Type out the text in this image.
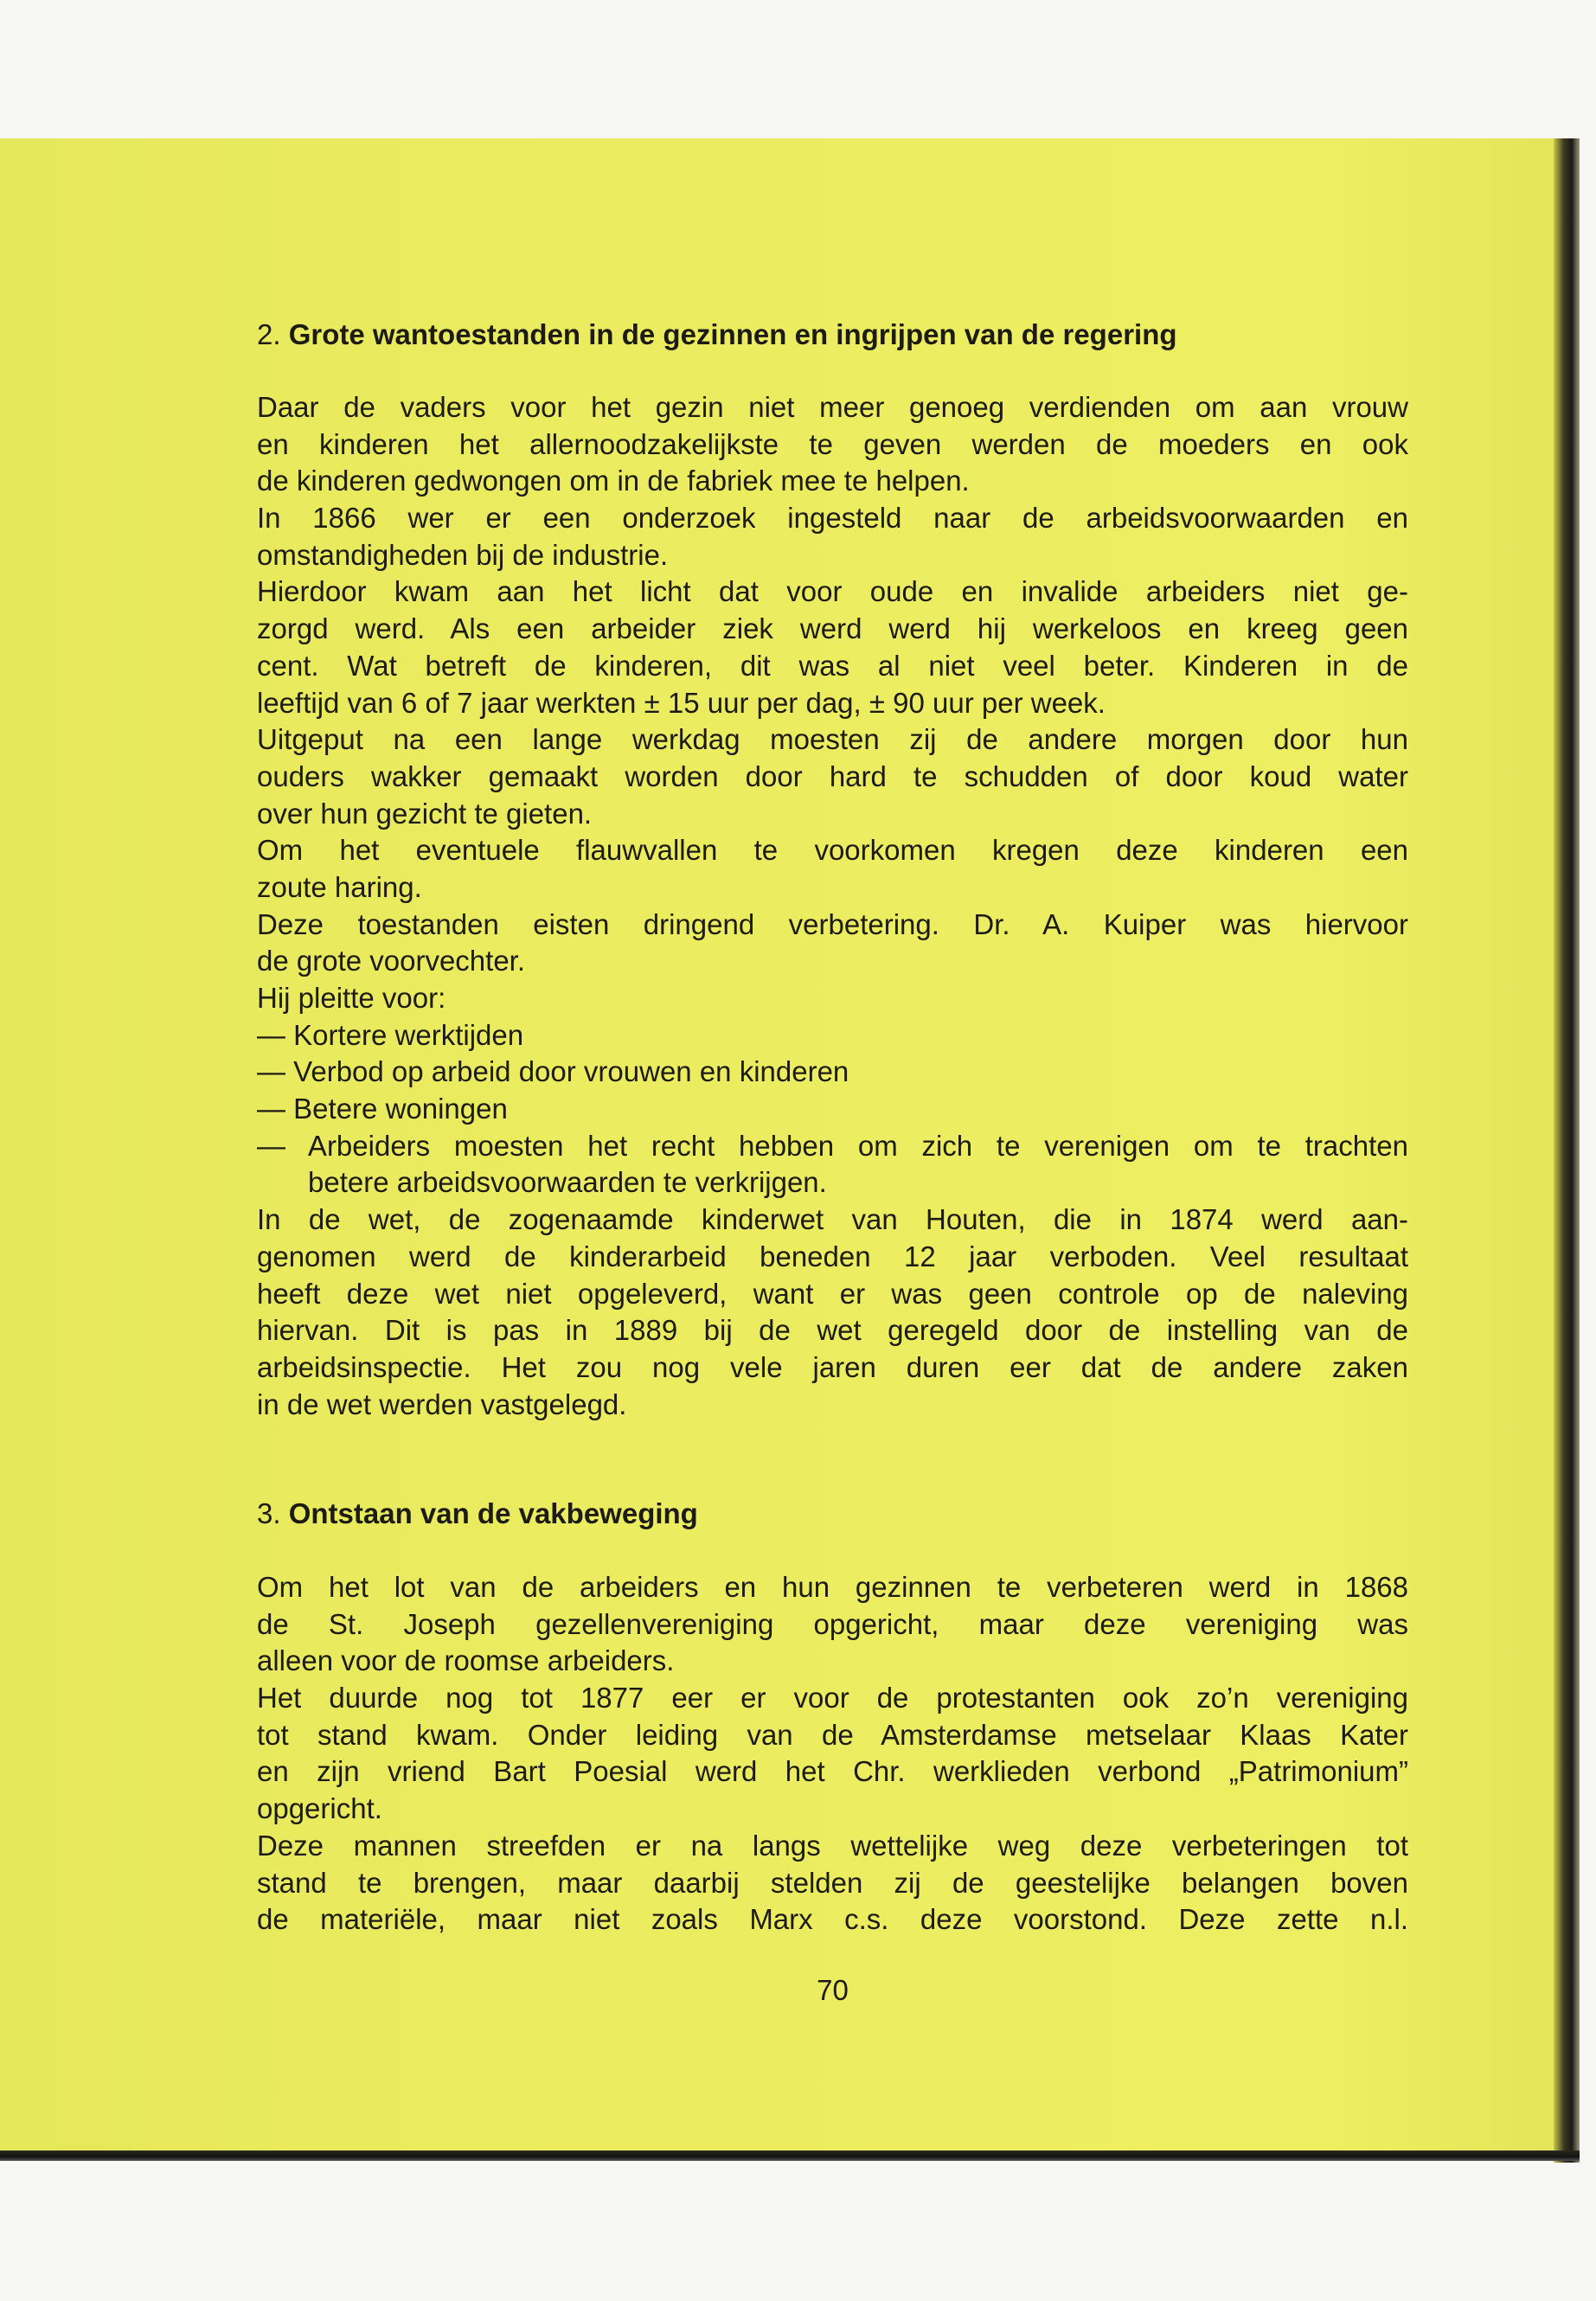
2. Grote wantoestanden in de gezinnen en ingrijpen van de regering
Daar de vaders voor het gezin niet meer genoeg verdienden om aan vrouw
en kinderen het allernoodzakelijkste te geven werden de moeders en ook
de kinderen gedwongen om in de fabriek mee te helpen.
In 1866 wer er een onderzoek ingesteld naar de arbeidsvoorwaarden en
omstandigheden bij de industrie.
Hierdoor kwam aan het licht dat voor oude en invalide arbeiders niet ge-
zorgd werd. Als een arbeider ziek werd werd hij werkeloos en kreeg geen
cent. Wat betreft de kinderen, dit was al niet veel beter. Kinderen in de
leeftijd van 6 of 7 jaar werkten ± 15 uur per dag, ± 90 uur per week.
Uitgeput na een lange werkdag moesten zij de andere morgen door hun
ouders wakker gemaakt worden door hard te schudden of door koud water
over hun gezicht te gieten.
Om het eventuele flauwvallen te voorkomen kregen deze kinderen een
zoute haring.
Deze toestanden eisten dringend verbetering. Dr. A. Kuiper was hiervoor
de grote voorvechter.
Hij pleitte voor:
— Kortere werktijden
— Verbod op arbeid door vrouwen en kinderen
— Betere woningen
— Arbeiders moesten het recht hebben om zich te verenigen om te trachten
betere arbeidsvoorwaarden te verkrijgen.
In de wet, de zogenaamde kinderwet van Houten, die in 1874 werd aan-
genomen werd de kinderarbeid beneden 12 jaar verboden. Veel resultaat
heeft deze wet niet opgeleverd, want er was geen controle op de naleving
hiervan. Dit is pas in 1889 bij de wet geregeld door de instelling van de
arbeidsinspectie. Het zou nog vele jaren duren eer dat de andere zaken
in de wet werden vastgelegd.
3. Ontstaan van de vakbeweging
Om het lot van de arbeiders en hun gezinnen te verbeteren werd in 1868
de St. Joseph gezellenvereniging opgericht, maar deze vereniging was
alleen voor de roomse arbeiders.
Het duurde nog tot 1877 eer er voor de protestanten ook zo’n vereniging
tot stand kwam. Onder leiding van de Amsterdamse metselaar Klaas Kater
en zijn vriend Bart Poesial werd het Chr. werklieden verbond „Patrimonium”
opgericht.
Deze mannen streefden er na langs wettelijke weg deze verbeteringen tot
stand te brengen, maar daarbij stelden zij de geestelijke belangen boven
de materiële, maar niet zoals Marx c.s. deze voorstond. Deze zette n.l.
70
